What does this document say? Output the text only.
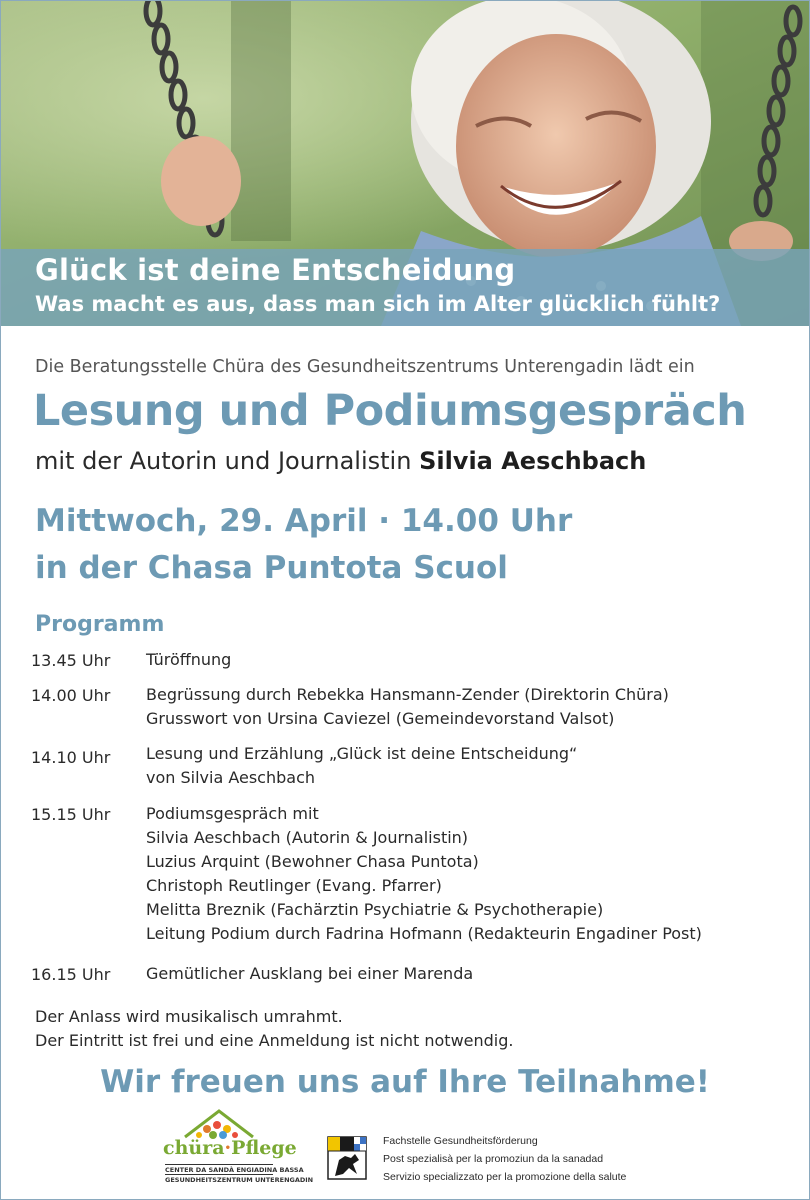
Glück ist deine Entscheidung
Was macht es aus, dass man sich im Alter glücklich fühlt?
Die Beratungsstelle Chüra des Gesundheitszentrums Unterengadin lädt ein
Lesung und Podiumsgespräch
mit der Autorin und Journalistin Silvia Aeschbach
Mittwoch, 29. April · 14.00 Uhr
in der Chasa Puntota Scuol
Programm
13.45 Uhr Türöffnung
14.00 Uhr Begrüssung durch Rebekka Hansmann-Zender (Direktorin Chüra)
Grusswort von Ursina Caviezel (Gemeindevorstand Valsot)
14.10 Uhr Lesung und Erzählung „Glück ist deine Entscheidung“
von Silvia Aeschbach
15.15 Uhr Podiumsgespräch mit
Silvia Aeschbach (Autorin & Journalistin)
Luzius Arquint (Bewohner Chasa Puntota)
Christoph Reutlinger (Evang. Pfarrer)
Melitta Breznik (Fachärztin Psychiatrie & Psychotherapie)
Leitung Podium durch Fadrina Hofmann (Redakteurin Engadiner Post)
16.15 Uhr Gemütlicher Ausklang bei einer Marenda
Der Anlass wird musikalisch umrahmt.
Der Eintritt ist frei und eine Anmeldung ist nicht notwendig.
Wir freuen uns auf Ihre Teilnahme!
chüra·Pflege
CENTER DA SANDÀ ENGIADINA BASSA
GESUNDHEITSZENTRUM UNTERENGADIN
Fachstelle Gesundheitsförderung
Post spezialisà per la promoziun da la sanadad
Servizio specializzato per la promozione della salute
